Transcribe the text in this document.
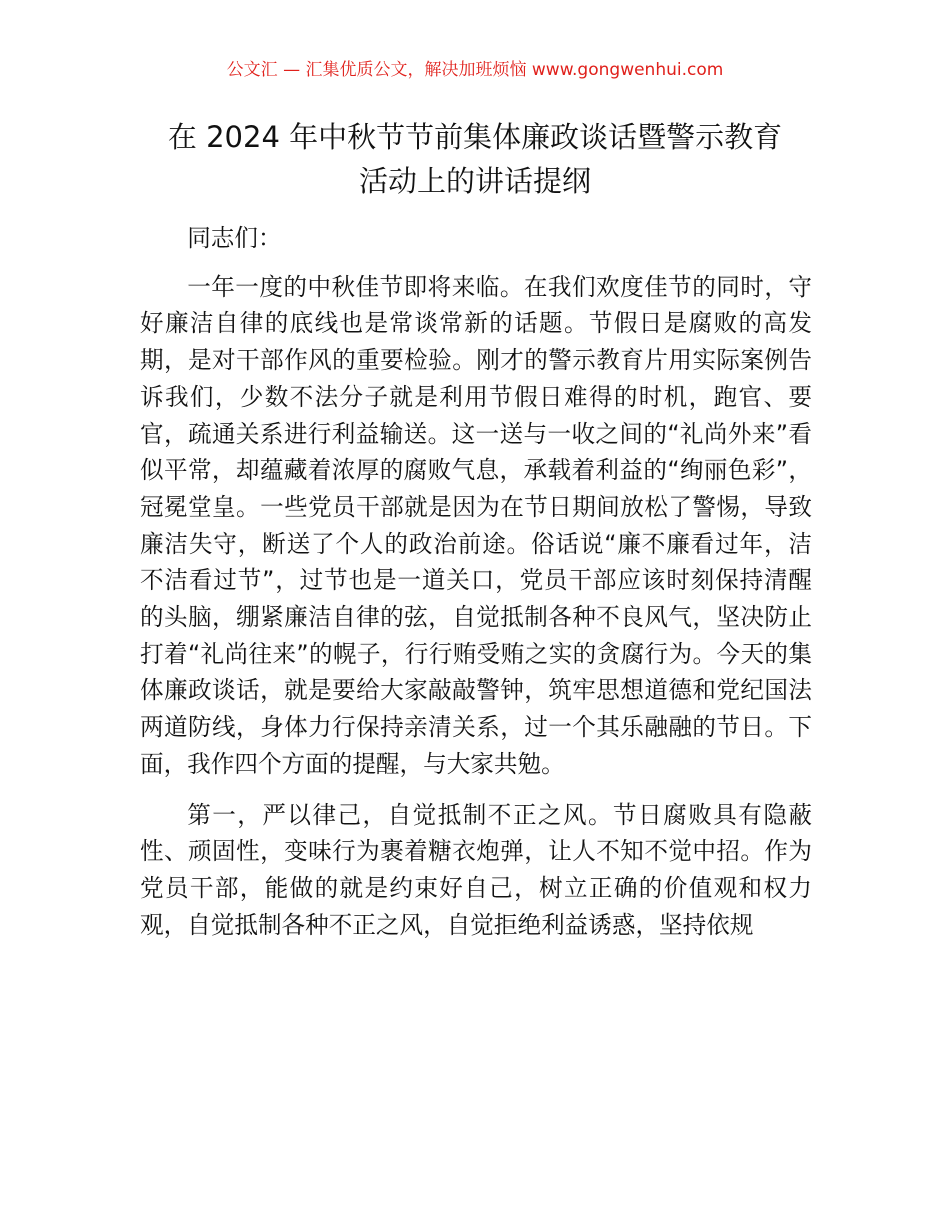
公文汇 — 汇集优质公文，解决加班烦恼 www.gongwenhui.com
在 2024 年中秋节节前集体廉政谈话暨警示教育
活动上的讲话提纲

同志们：

一年一度的中秋佳节即将来临。在我们欢度佳节的同时，守好廉洁自律的底线也是常谈常新的话题。节假日是腐败的高发期，是对干部作风的重要检验。刚才的警示教育片用实际案例告诉我们，少数不法分子就是利用节假日难得的时机，跑官、要官，疏通关系进行利益输送。这一送与一收之间的“礼尚外来”看似平常，却蕴藏着浓厚的腐败气息，承载着利益的“绚丽色彩”，冠冕堂皇。一些党员干部就是因为在节日期间放松了警惕，导致廉洁失守，断送了个人的政治前途。俗话说“廉不廉看过年，洁不洁看过节”，过节也是一道关口，党员干部应该时刻保持清醒的头脑，绷紧廉洁自律的弦，自觉抵制各种不良风气，坚决防止打着“礼尚往来”的幌子，行行贿受贿之实的贪腐行为。今天的集体廉政谈话，就是要给大家敲敲警钟，筑牢思想道德和党纪国法两道防线，身体力行保持亲清关系，过一个其乐融融的节日。下面，我作四个方面的提醒，与大家共勉。

第一，严以律己，自觉抵制不正之风。节日腐败具有隐蔽性、顽固性，变味行为裹着糖衣炮弹，让人不知不觉中招。作为党员干部，能做的就是约束好自己，树立正确的价值观和权力观，自觉抵制各种不正之风，自觉拒绝利益诱惑，坚持依规
